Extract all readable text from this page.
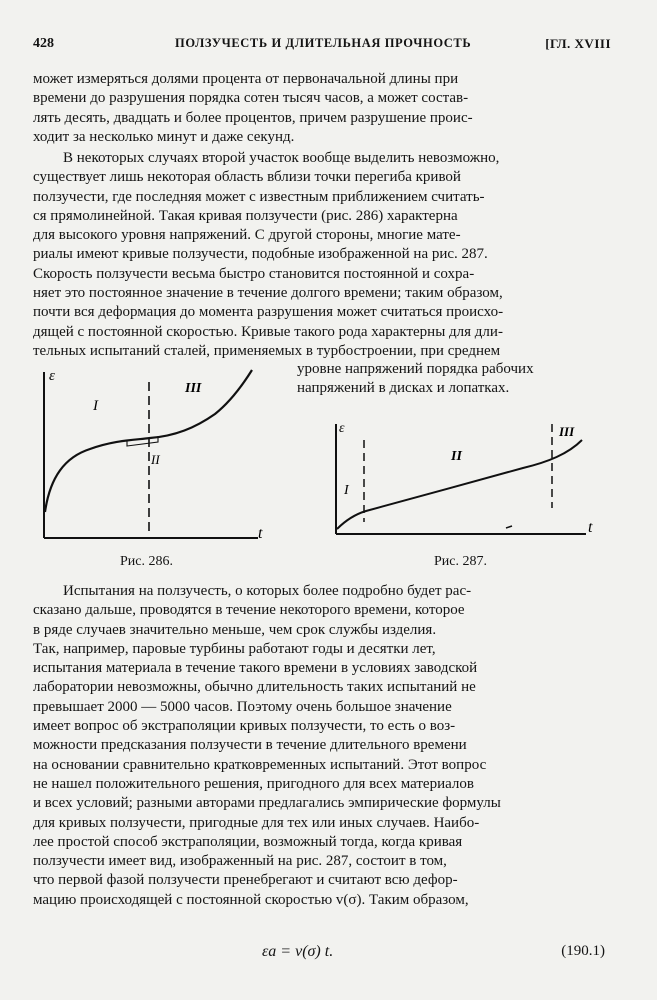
428	ПОЛЗУЧЕСТЬ И ДЛИТЕЛЬНАЯ ПРОЧНОСТЬ	[ГЛ. XVIII
может измеряться долями процента от первоначальной длины при
времени до разрушения порядка сотен тысяч часов, а может состав-
лять десять, двадцать и более процентов, причем разрушение проис-
ходит за несколько минут и даже секунд.
В некоторых случаях второй участок вообще выделить невозможно,
существует лишь некоторая область вблизи точки перегиба кривой
ползучести, где последняя может с известным приближением считать-
ся прямолинейной. Такая кривая ползучести (рис. 286) характерна
для высокого уровня напряжений. С другой стороны, многие мате-
риалы имеют кривые ползучести, подобные изображенной на рис. 287.
Скорость ползучести весьма быстро становится постоянной и сохра-
няет это постоянное значение в течение долгого времени; таким образом,
почти вся деформация до момента разрушения может считаться происхо-
дящей с постоянной скоростью. Кривые такого рода характерны для дли-
тельных испытаний сталей, применяемых в турбостроении, при среднем
уровне напряжений порядка рабочих
напряжений в дисках и лопатках.
ε
t
I
II
III
Рис. 286.
ε
t
I
II
III
Рис. 287.
Испытания на ползучесть, о которых более подробно будет рас-
сказано дальше, проводятся в течение некоторого времени, которое
в ряде случаев значительно меньше, чем срок службы изделия.
Так, например, паровые турбины работают годы и десятки лет,
испытания материала в течение такого времени в условиях заводской
лаборатории невозможны, обычно длительность таких испытаний не
превышает 2000 — 5000 часов. Поэтому очень большое значение
имеет вопрос об экстраполяции кривых ползучести, то есть о воз-
можности предсказания ползучести в течение длительного времени
на основании сравнительно кратковременных испытаний. Этот вопрос
не нашел положительного решения, пригодного для всех материалов
и всех условий; разными авторами предлагались эмпирические формулы
для кривых ползучести, пригодные для тех или иных случаев. Наибо-
лее простой способ экстраполяции, возможный тогда, когда кривая
ползучести имеет вид, изображенный на рис. 287, состоит в том,
что первой фазой ползучести пренебрегают и считают всю дефор-
мацию происходящей с постоянной скоростью v(σ). Таким образом,
εa = v(σ) t.	(190.1)
